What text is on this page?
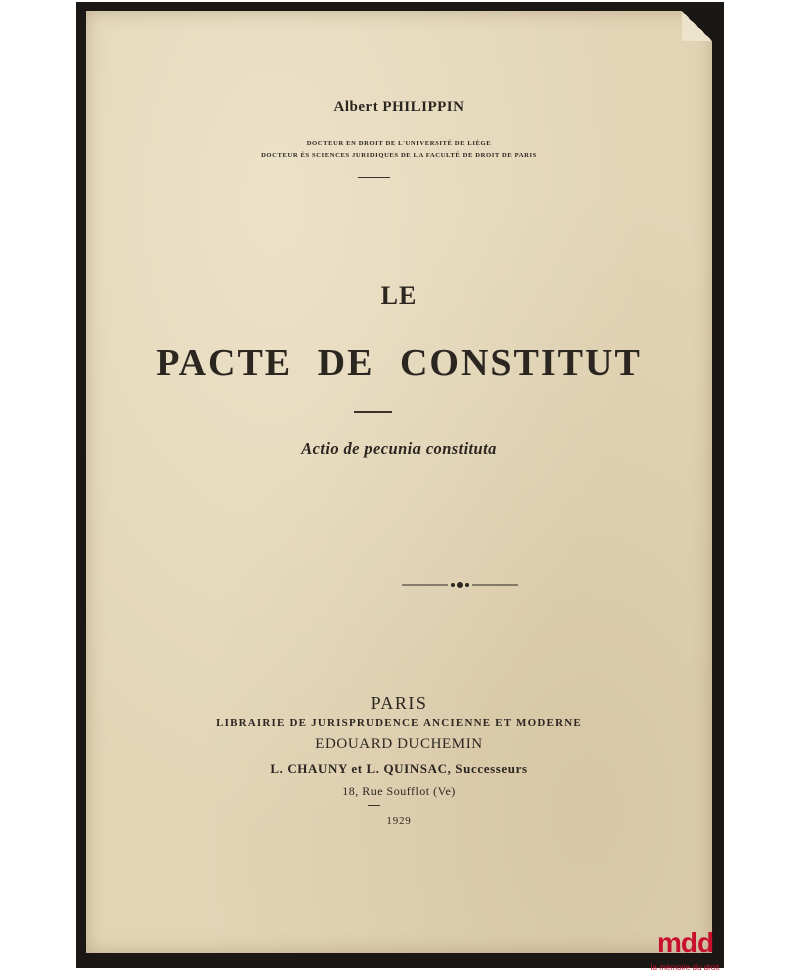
Albert PHILIPPIN
DOCTEUR EN DROIT DE L'UNIVERSITÉ DE LIÈGE
DOCTEUR ÈS SCIENCES JURIDIQUES DE LA FACULTÉ DE DROIT DE PARIS
LE
PACTE DE CONSTITUT
Actio de pecunia constituta
PARIS
LIBRAIRIE DE JURISPRUDENCE ANCIENNE ET MODERNE
EDOUARD DUCHEMIN
L. CHAUNY et L. QUINSAC, Successeurs
18, Rue Soufflot (Ve)
1929
mdd
la mémoire du droit
